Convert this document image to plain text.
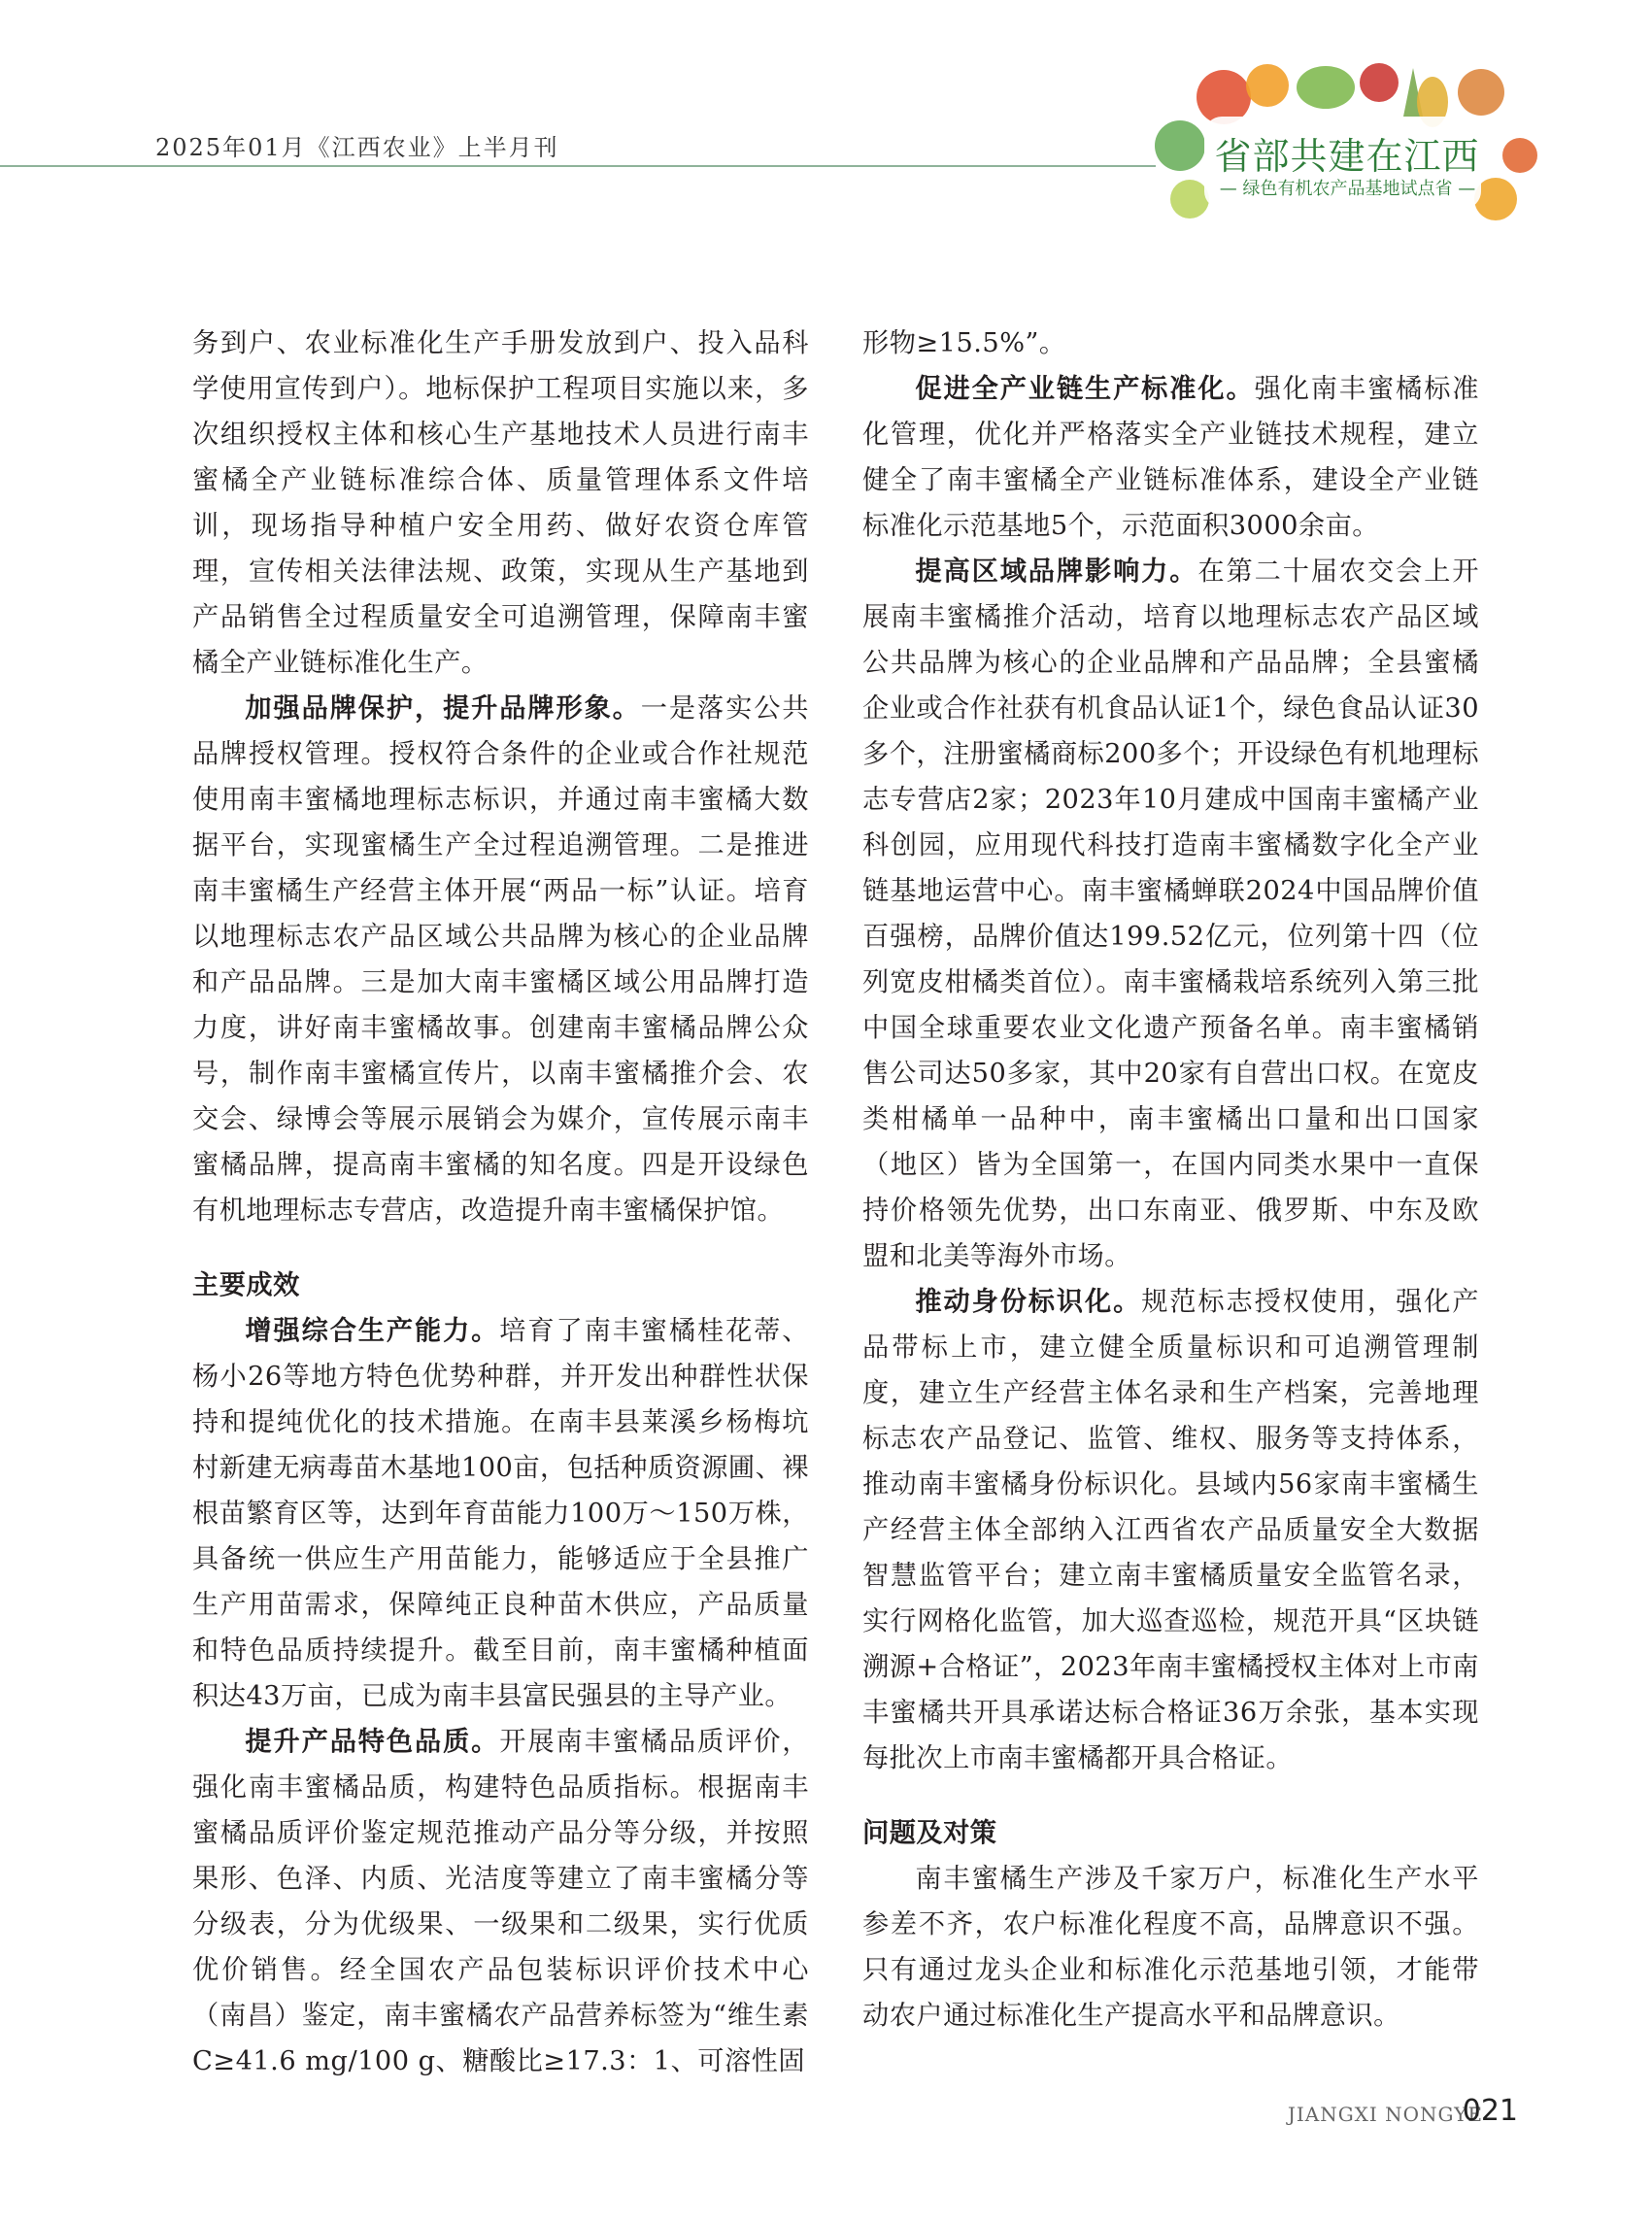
2025年01月《江西农业》上半月刊	省部共建在江西
— 绿色有机农产品基地试点省 —

务到户、农业标准化生产手册发放到户、投入品科学使用宣传到户）。地标保护工程项目实施以来，多次组织授权主体和核心生产基地技术人员进行南丰蜜橘全产业链标准综合体、质量管理体系文件培训，现场指导种植户安全用药、做好农资仓库管理，宣传相关法律法规、政策，实现从生产基地到产品销售全过程质量安全可追溯管理，保障南丰蜜橘全产业链标准化生产。

加强品牌保护，提升品牌形象。一是落实公共品牌授权管理。授权符合条件的企业或合作社规范使用南丰蜜橘地理标志标识，并通过南丰蜜橘大数据平台，实现蜜橘生产全过程追溯管理。二是推进南丰蜜橘生产经营主体开展“两品一标”认证。培育以地理标志农产品区域公共品牌为核心的企业品牌和产品品牌。三是加大南丰蜜橘区域公用品牌打造力度，讲好南丰蜜橘故事。创建南丰蜜橘品牌公众号，制作南丰蜜橘宣传片，以南丰蜜橘推介会、农交会、绿博会等展示展销会为媒介，宣传展示南丰蜜橘品牌，提高南丰蜜橘的知名度。四是开设绿色有机地理标志专营店，改造提升南丰蜜橘保护馆。

主要成效

增强综合生产能力。培育了南丰蜜橘桂花蒂、杨小26等地方特色优势种群，并开发出种群性状保持和提纯优化的技术措施。在南丰县莱溪乡杨梅坑村新建无病毒苗木基地100亩，包括种质资源圃、裸根苗繁育区等，达到年育苗能力100万～150万株，具备统一供应生产用苗能力，能够适应于全县推广生产用苗需求，保障纯正良种苗木供应，产品质量和特色品质持续提升。截至目前，南丰蜜橘种植面积达43万亩，已成为南丰县富民强县的主导产业。

提升产品特色品质。开展南丰蜜橘品质评价，强化南丰蜜橘品质，构建特色品质指标。根据南丰蜜橘品质评价鉴定规范推动产品分等分级，并按照果形、色泽、内质、光洁度等建立了南丰蜜橘分等分级表，分为优级果、一级果和二级果，实行优质优价销售。经全国农产品包装标识评价技术中心（南昌）鉴定，南丰蜜橘农产品营养标签为“维生素C≥41.6 mg/100 g、糖酸比≥17.3：1、可溶性固

形物≥15.5%”。

促进全产业链生产标准化。强化南丰蜜橘标准化管理，优化并严格落实全产业链技术规程，建立健全了南丰蜜橘全产业链标准体系，建设全产业链标准化示范基地5个，示范面积3000余亩。

提高区域品牌影响力。在第二十届农交会上开展南丰蜜橘推介活动，培育以地理标志农产品区域公共品牌为核心的企业品牌和产品品牌；全县蜜橘企业或合作社获有机食品认证1个，绿色食品认证30多个，注册蜜橘商标200多个；开设绿色有机地理标志专营店2家；2023年10月建成中国南丰蜜橘产业科创园，应用现代科技打造南丰蜜橘数字化全产业链基地运营中心。南丰蜜橘蝉联2024中国品牌价值百强榜，品牌价值达199.52亿元，位列第十四（位列宽皮柑橘类首位）。南丰蜜橘栽培系统列入第三批中国全球重要农业文化遗产预备名单。南丰蜜橘销售公司达50多家，其中20家有自营出口权。在宽皮类柑橘单一品种中，南丰蜜橘出口量和出口国家（地区）皆为全国第一，在国内同类水果中一直保持价格领先优势，出口东南亚、俄罗斯、中东及欧盟和北美等海外市场。

推动身份标识化。规范标志授权使用，强化产品带标上市，建立健全质量标识和可追溯管理制度，建立生产经营主体名录和生产档案，完善地理标志农产品登记、监管、维权、服务等支持体系，推动南丰蜜橘身份标识化。县域内56家南丰蜜橘生产经营主体全部纳入江西省农产品质量安全大数据智慧监管平台；建立南丰蜜橘质量安全监管名录，实行网格化监管，加大巡查巡检，规范开具“区块链溯源+合格证”，2023年南丰蜜橘授权主体对上市南丰蜜橘共开具承诺达标合格证36万余张，基本实现每批次上市南丰蜜橘都开具合格证。

问题及对策

南丰蜜橘生产涉及千家万户，标准化生产水平参差不齐，农户标准化程度不高，品牌意识不强。只有通过龙头企业和标准化示范基地引领，才能带动农户通过标准化生产提高水平和品牌意识。

JIANGXI NONGYE
021
